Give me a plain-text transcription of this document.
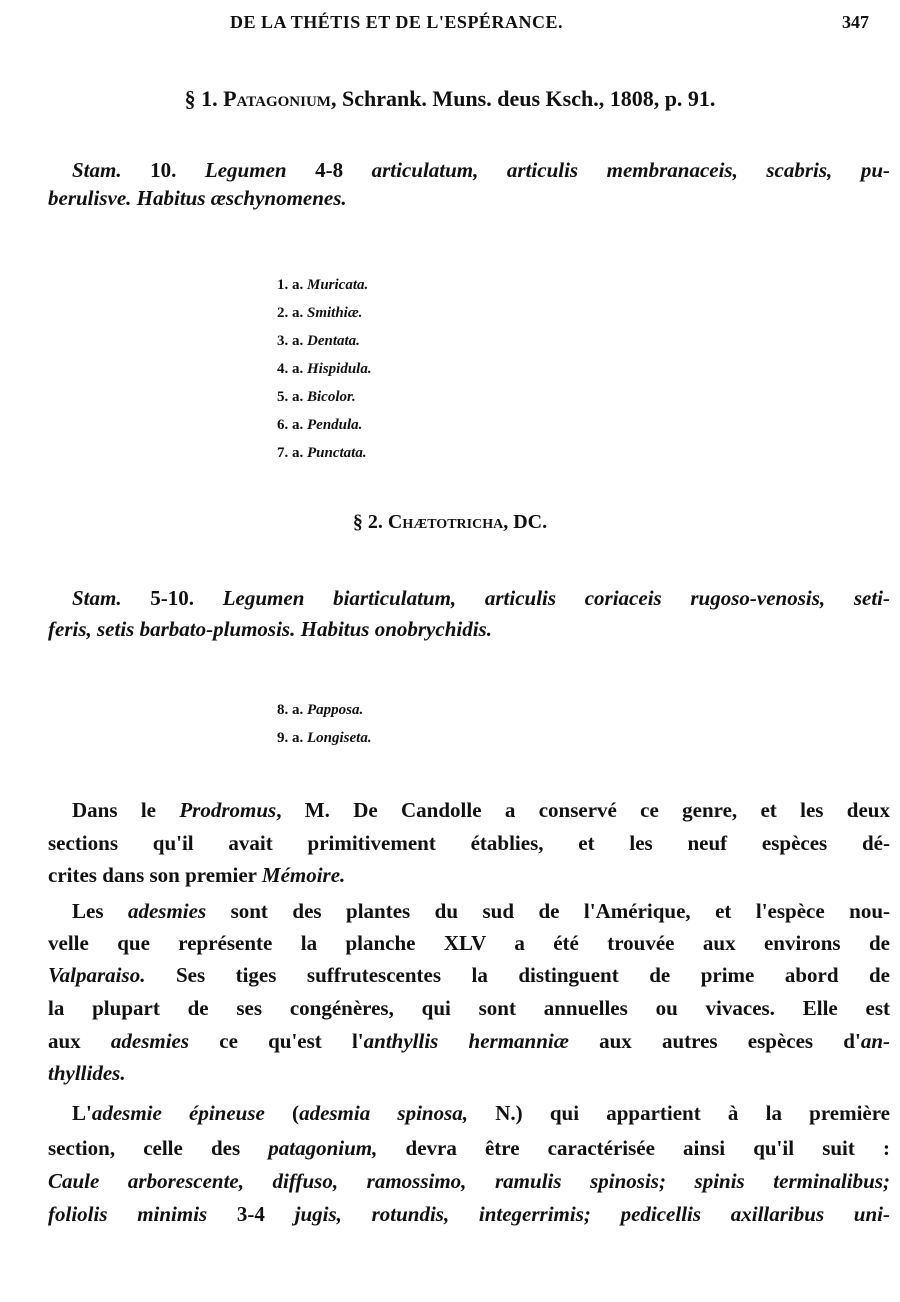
DE LA THÉTIS ET DE L'ESPÉRANCE.	347
§ 1. Patagonium, Schrank. Muns. deus Ksch., 1808, p. 91.
Stam. 10. Legumen 4-8 articulatum, articulis membranaceis, scabris, pu-
berulisve. Habitus æschynomenes.
1. a. Muricata.
2. a. Smithiæ.
3. a. Dentata.
4. a. Hispidula.
5. a. Bicolor.
6. a. Pendula.
7. a. Punctata.
§ 2. Chætotricha, DC.
Stam. 5-10. Legumen biarticulatum, articulis coriaceis rugoso-venosis, seti-
feris, setis barbato-plumosis. Habitus onobrychidis.
8. a. Papposa.
9. a. Longiseta.
Dans le Prodromus, M. De Candolle a conservé ce genre, et les deux
sections qu'il avait primitivement établies, et les neuf espèces dé-
crites dans son premier Mémoire.
Les adesmies sont des plantes du sud de l'Amérique, et l'espèce nou-
velle que représente la planche XLV a été trouvée aux environs de
Valparaiso. Ses tiges suffrutescentes la distinguent de prime abord de
la plupart de ses congénères, qui sont annuelles ou vivaces. Elle est
aux adesmies ce qu'est l'anthyllis hermanniæ aux autres espèces d'an-
thyllides.
L'adesmie épineuse (adesmia spinosa, N.) qui appartient à la première
section, celle des patagonium, devra être caractérisée ainsi qu'il suit :
Caule arborescente, diffuso, ramossimo, ramulis spinosis; spinis terminalibus;
foliolis minimis 3-4 jugis, rotundis, integerrimis; pedicellis axillaribus uni-
